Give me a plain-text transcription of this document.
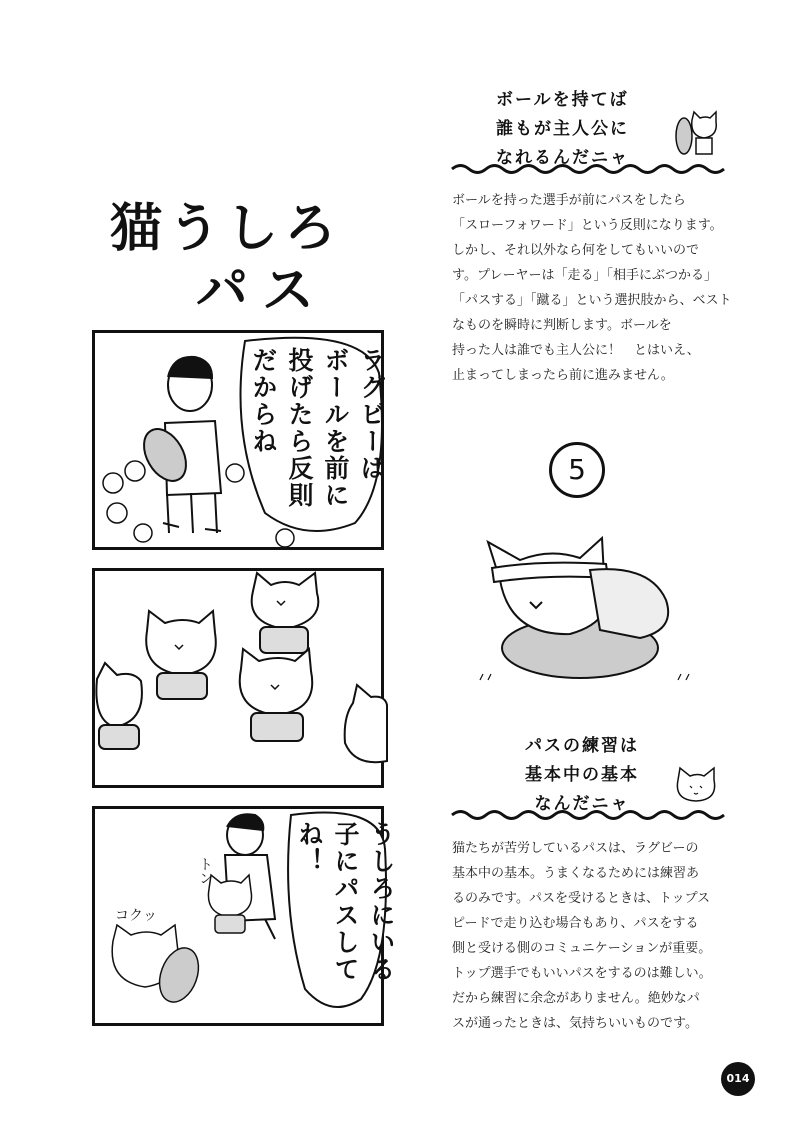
猫うしろ
パス
ラグビーは
ボールを前に
投げたら反則
だからね
うしろにいる
子にパスして
ね！
トン
コクッ
ボールを持てば
誰もが主人公に
なれるんだニャ
ボールを持った選手が前にパスをしたら
「スローフォワード」という反則になります。
しかし、それ以外なら何をしてもいいので
す。プレーヤーは「走る」「相手にぶつかる」
「パスする」「蹴る」という選択肢から、ベスト
なものを瞬時に判断します。ボールを
持った人は誰でも主人公に！　とはいえ、
止まってしまったら前に進みません。
5
パスの練習は
基本中の基本
なんだニャ
猫たちが苦労しているパスは、ラグビーの
基本中の基本。うまくなるためには練習あ
るのみです。パスを受けるときは、トップス
ピードで走り込む場合もあり、パスをする
側と受ける側のコミュニケーションが重要。
トップ選手でもいいパスをするのは難しい。
だから練習に余念がありません。絶妙なパ
スが通ったときは、気持ちいいものです。
014
